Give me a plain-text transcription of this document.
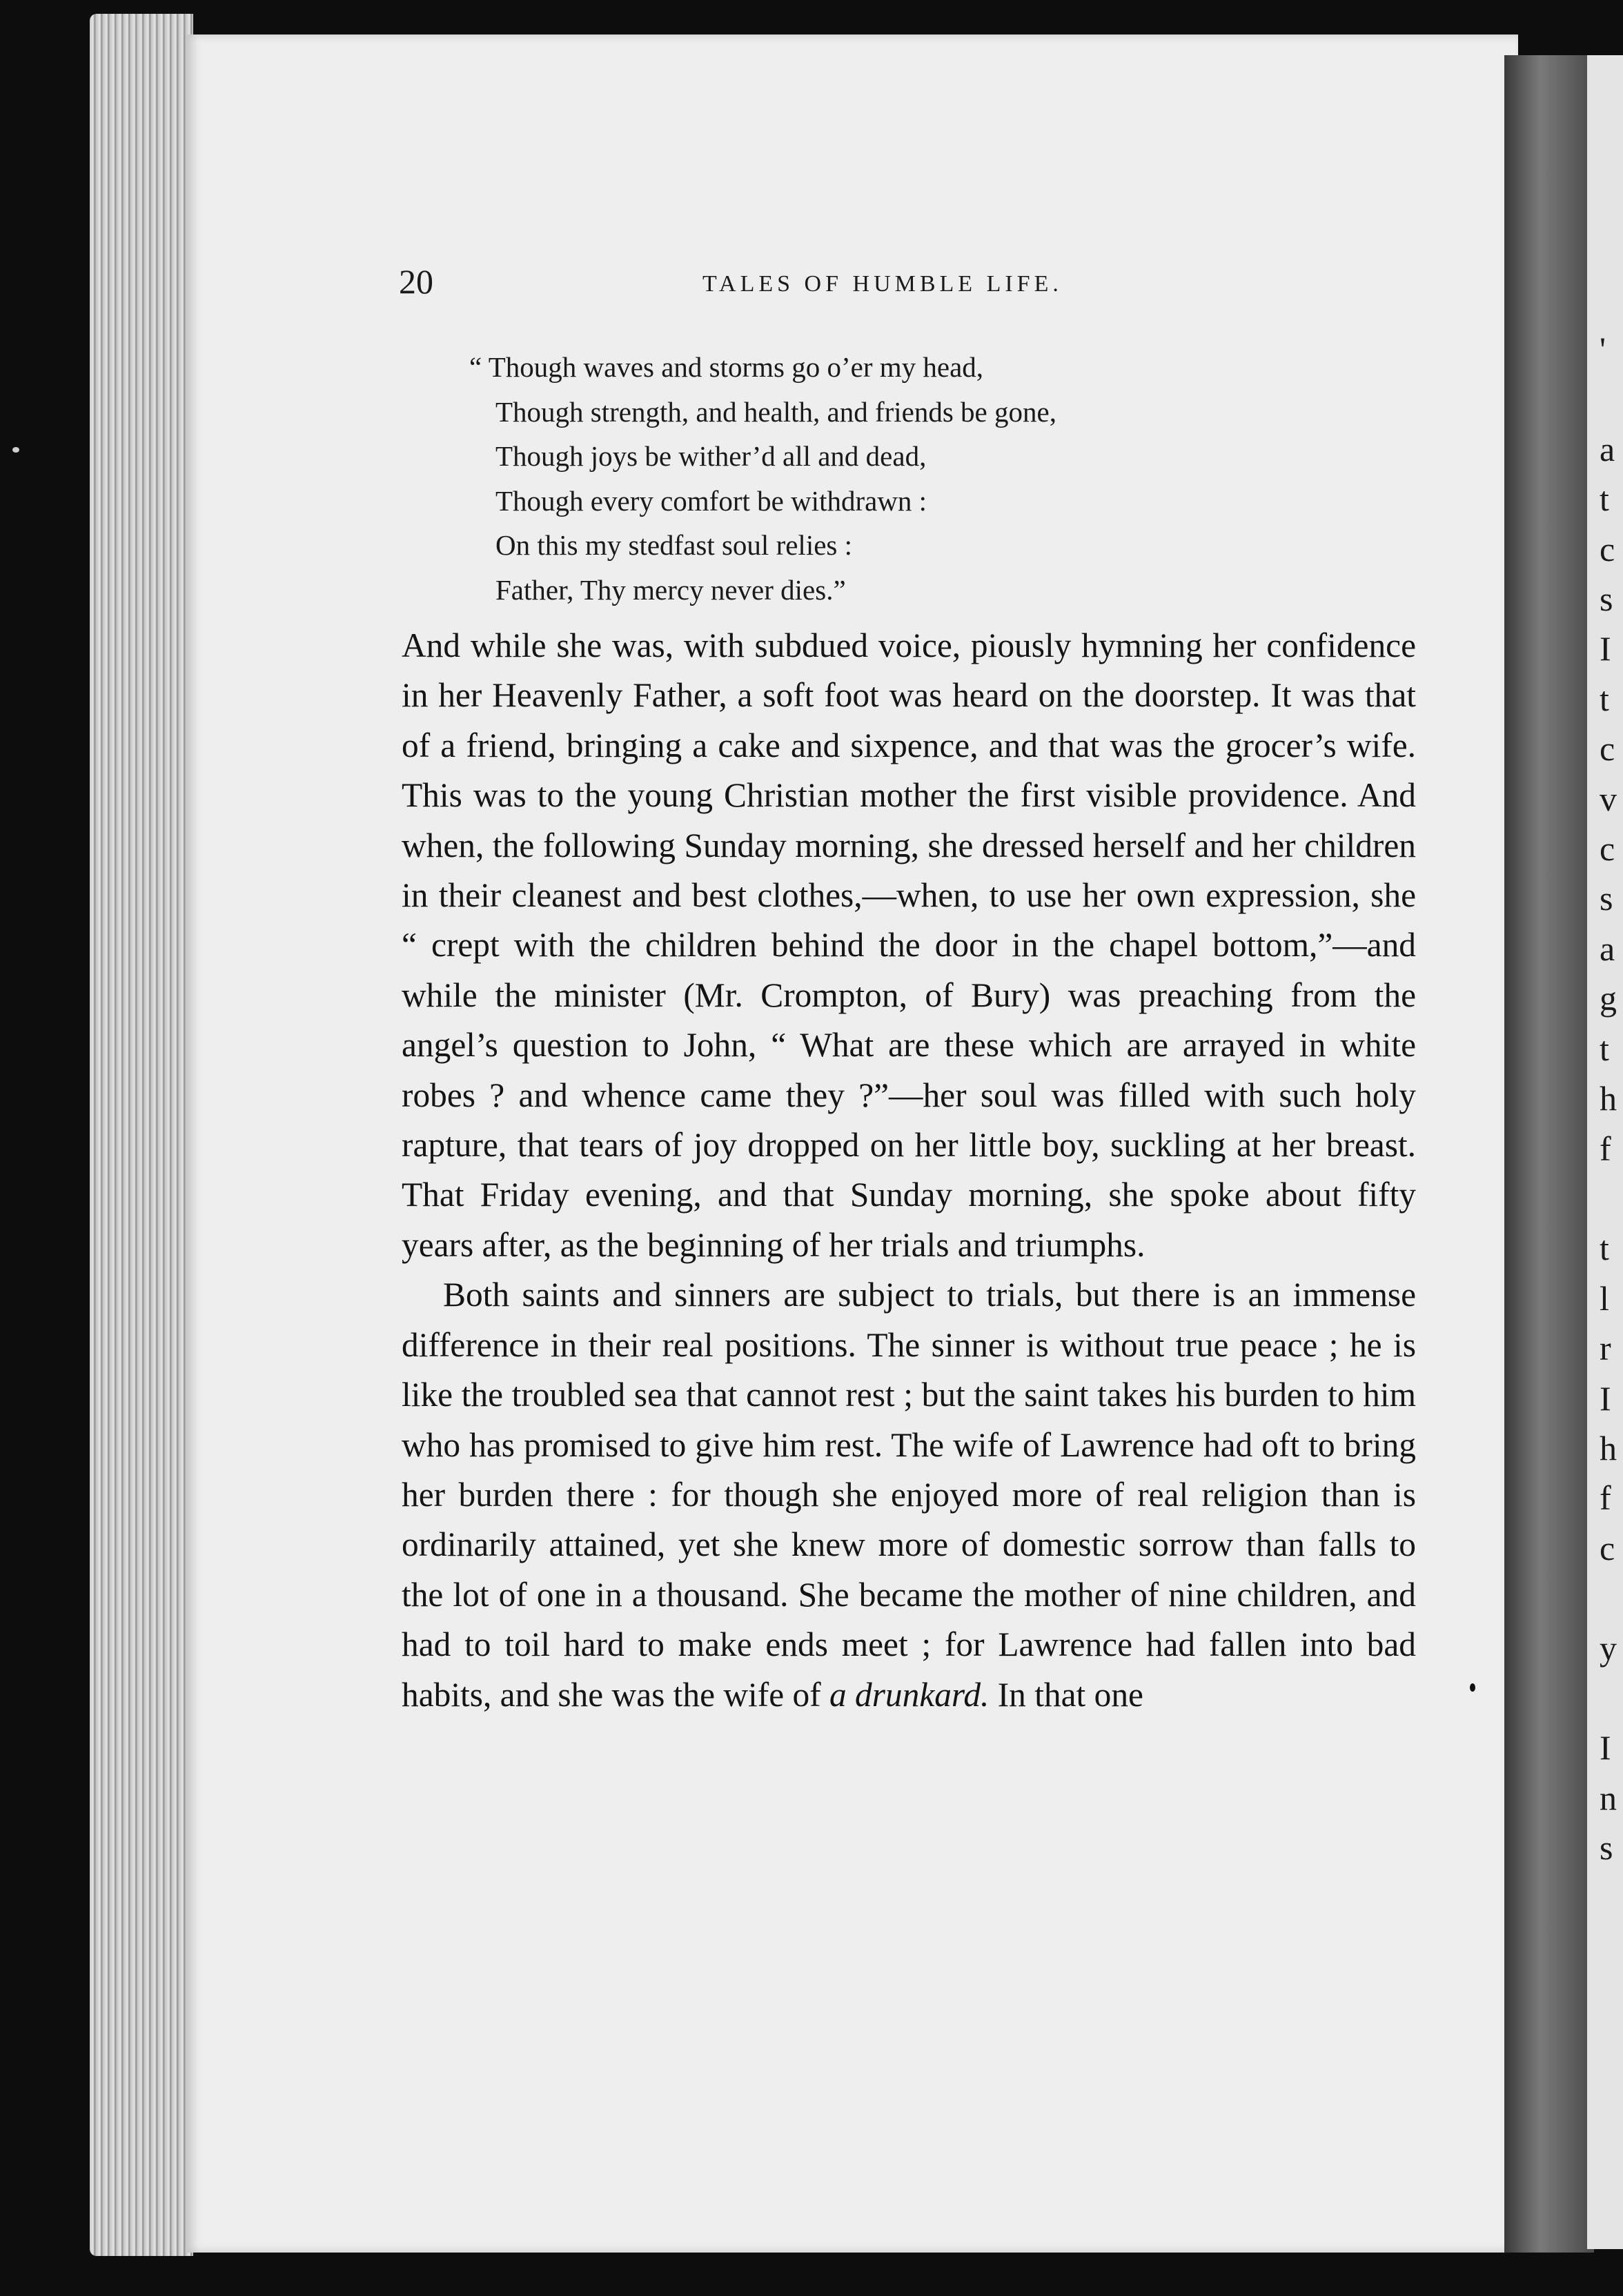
'

a
t
c
s
I
t
c
v
c
s
a
g
t
h
f

t
l
r
I
h
f
c

y

I
n
s
20	TALES OF HUMBLE LIFE.
“ Though waves and storms go o’er my head,
Though strength, and health, and friends be gone,
Though joys be wither’d all and dead,
Though every comfort be withdrawn :
On this my stedfast soul relies :
Father, Thy mercy never dies.”

And while she was, with subdued voice, piously hymning her confidence in her Heavenly Father, a soft foot was heard on the doorstep. It was that of a friend, bringing a cake and sixpence, and that was the grocer’s wife. This was to the young Christian mother the first visible providence. And when, the following Sunday morning, she dressed herself and her children in their cleanest and best clothes,—when, to use her own expression, she “ crept with the children behind the door in the chapel bottom,”—and while the minister (Mr. Crompton, of Bury) was preaching from the angel’s question to John, “ What are these which are arrayed in white robes ? and whence came they ?”—her soul was filled with such holy rapture, that tears of joy dropped on her little boy, suckling at her breast. That Friday evening, and that Sunday morning, she spoke about fifty years after, as the beginning of her trials and triumphs.

Both saints and sinners are subject to trials, but there is an immense difference in their real positions. The sinner is without true peace ; he is like the troubled sea that cannot rest ; but the saint takes his burden to him who has promised to give him rest. The wife of Lawrence had oft to bring her burden there : for though she enjoyed more of real religion than is ordinarily attained, yet she knew more of domestic sorrow than falls to the lot of one in a thousand. She became the mother of nine children, and had to toil hard to make ends meet ; for Lawrence had fallen into bad habits, and she was the wife of a drunkard. In that one
